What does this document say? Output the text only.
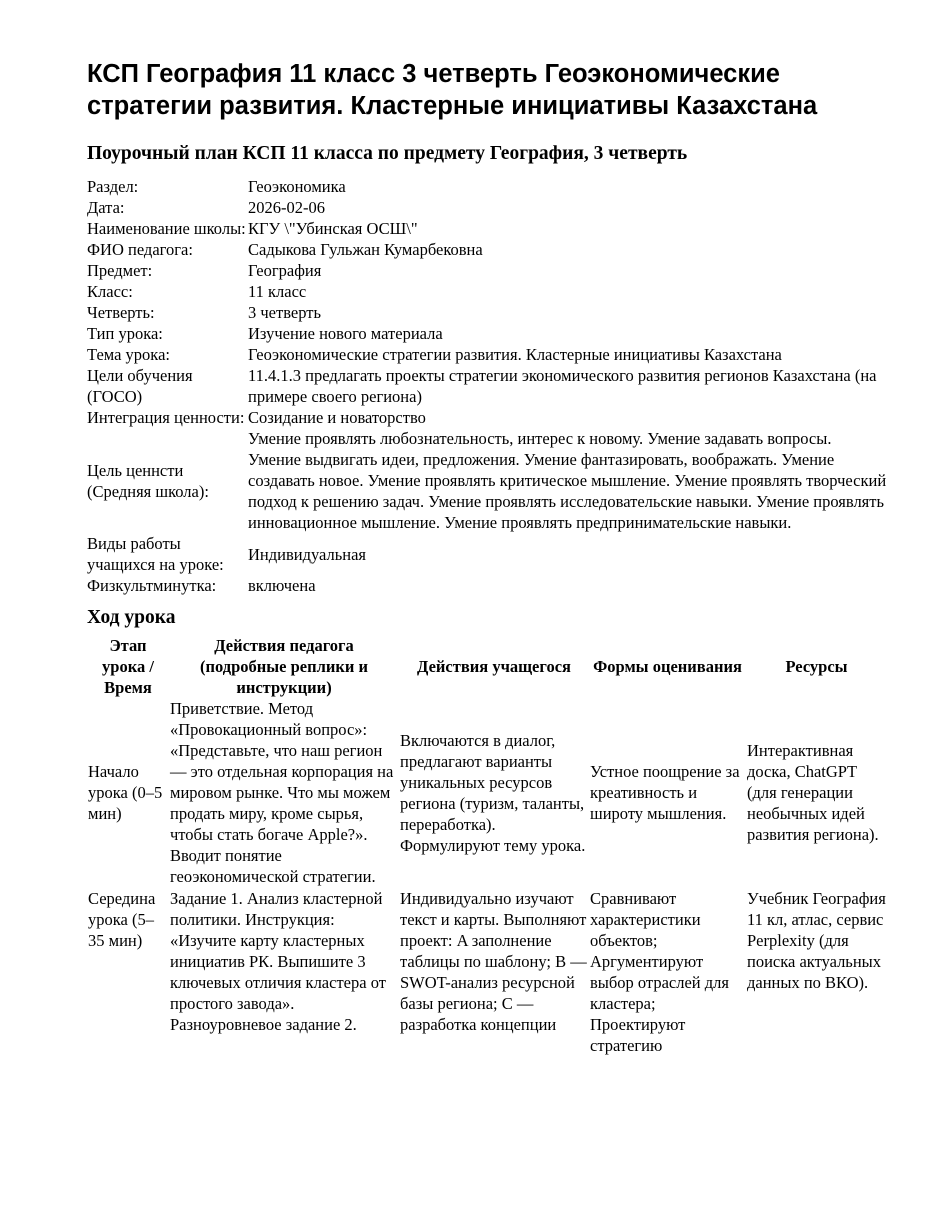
КСП География 11 класс 3 четверть Геоэкономические стратегии развития. Кластерные инициативы Казахстана
Поурочный план КСП 11 класса по предмету География, 3 четверть
Раздел:	Геоэкономика
Дата:	2026-02-06
Наименование школы:	КГУ \"Убинская ОСШ\"
ФИО педагога:	Садыкова Гульжан Кумарбековна
Предмет:	География
Класс:	11 класс
Четверть:	3 четверть
Тип урока:	Изучение нового материала
Тема урока:	Геоэкономические стратегии развития. Кластерные инициативы Казахстана
Цели обучения (ГОСО)	11.4.1.3 предлагать проекты стратегии экономического развития регионов Казахстана (на примере своего региона)
Интеграция ценности:	Созидание и новаторство
Цель ценнсти (Средняя школа):	Умение проявлять любознательность, интерес к новому. Умение задавать вопросы. Умение выдвигать идеи, предложения. Умение фантазировать, воображать. Умение создавать новое. Умение проявлять критическое мышление. Умение проявлять творческий подход к решению задач. Умение проявлять исследовательские навыки. Умение проявлять инновационное мышление. Умение проявлять предпринимательские навыки.
Виды работы учащихся на уроке:	Индивидуальная
Физкультминутка:	включена
Ход урока
Этап урока / Время	Действия педагога (подробные реплики и инструкции)	Действия учащегося	Формы оценивания	Ресурсы
Начало урока (0–5 мин)	Приветствие. Метод «Провокационный вопрос»: «Представьте, что наш регион — это отдельная корпорация на мировом рынке. Что мы можем продать миру, кроме сырья, чтобы стать богаче Apple?». Вводит понятие геоэкономической стратегии.	Включаются в диалог, предлагают варианты уникальных ресурсов региона (туризм, таланты, переработка). Формулируют тему урока.	Устное поощрение за креативность и широту мышления.	Интерактивная доска, ChatGPT (для генерации необычных идей развития региона).
Середина урока (5–35 мин)	Задание 1. Анализ кластерной политики. Инструкция: «Изучите карту кластерных инициатив РК. Выпишите 3 ключевых отличия кластера от простого завода». Разноуровневое задание 2.	Индивидуально изучают текст и карты. Выполняют проект: A заполнение таблицы по шаблону; B — SWOT-анализ ресурсной базы региона; C — разработка концепции	Сравнивают характеристики объектов; Аргументируют выбор отраслей для кластера; Проектируют стратегию	Учебник География 11 кл, атлас, сервис Perplexity (для поиска актуальных данных по ВКО).
